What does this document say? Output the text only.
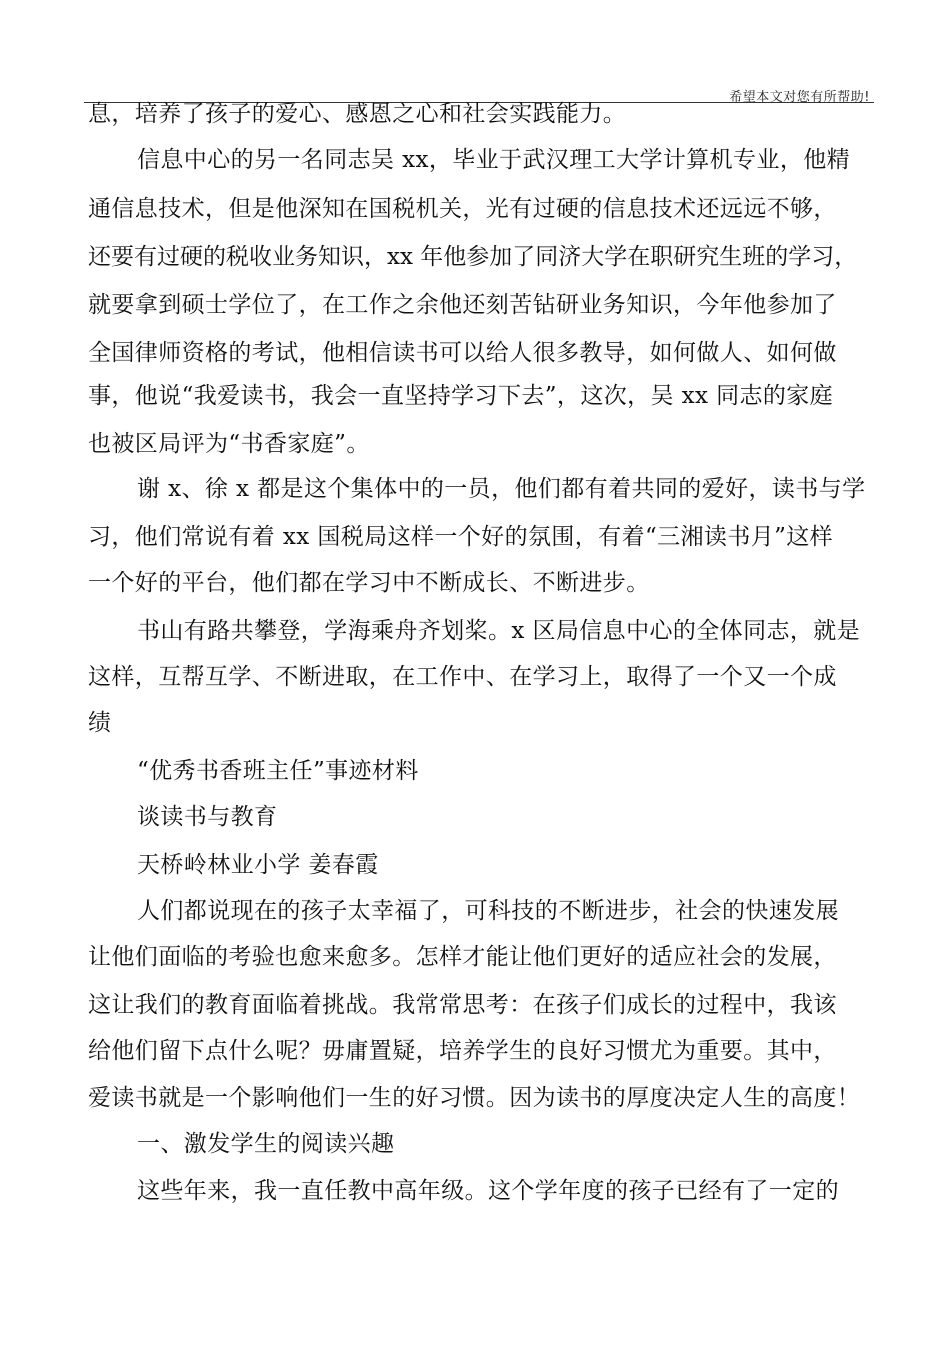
希望本文对您有所帮助!
息，培养了孩子的爱心、感恩之心和社会实践能力。
信息中心的另一名同志吴 xx，毕业于武汉理工大学计算机专业，他精
通信息技术，但是他深知在国税机关，光有过硬的信息技术还远远不够，
还要有过硬的税收业务知识，xx 年他参加了同济大学在职研究生班的学习，
就要拿到硕士学位了，在工作之余他还刻苦钻研业务知识，今年他参加了
全国律师资格的考试，他相信读书可以给人很多教导，如何做人、如何做
事，他说“我爱读书，我会一直坚持学习下去”，这次，吴 xx 同志的家庭
也被区局评为“书香家庭”。
谢 x、徐 x 都是这个集体中的一员，他们都有着共同的爱好，读书与学
习，他们常说有着 xx 国税局这样一个好的氛围，有着“三湘读书月”这样
一个好的平台，他们都在学习中不断成长、不断进步。
书山有路共攀登，学海乘舟齐划桨。x 区局信息中心的全体同志，就是
这样，互帮互学、不断进取，在工作中、在学习上，取得了一个又一个成
绩
“优秀书香班主任”事迹材料
谈读书与教育
天桥岭林业小学 姜春霞
人们都说现在的孩子太幸福了，可科技的不断进步，社会的快速发展
让他们面临的考验也愈来愈多。怎样才能让他们更好的适应社会的发展，
这让我们的教育面临着挑战。我常常思考：在孩子们成长的过程中，我该
给他们留下点什么呢？毋庸置疑，培养学生的良好习惯尤为重要。其中，
爱读书就是一个影响他们一生的好习惯。因为读书的厚度决定人生的高度！
一、激发学生的阅读兴趣
这些年来，我一直任教中高年级。这个学年度的孩子已经有了一定的
